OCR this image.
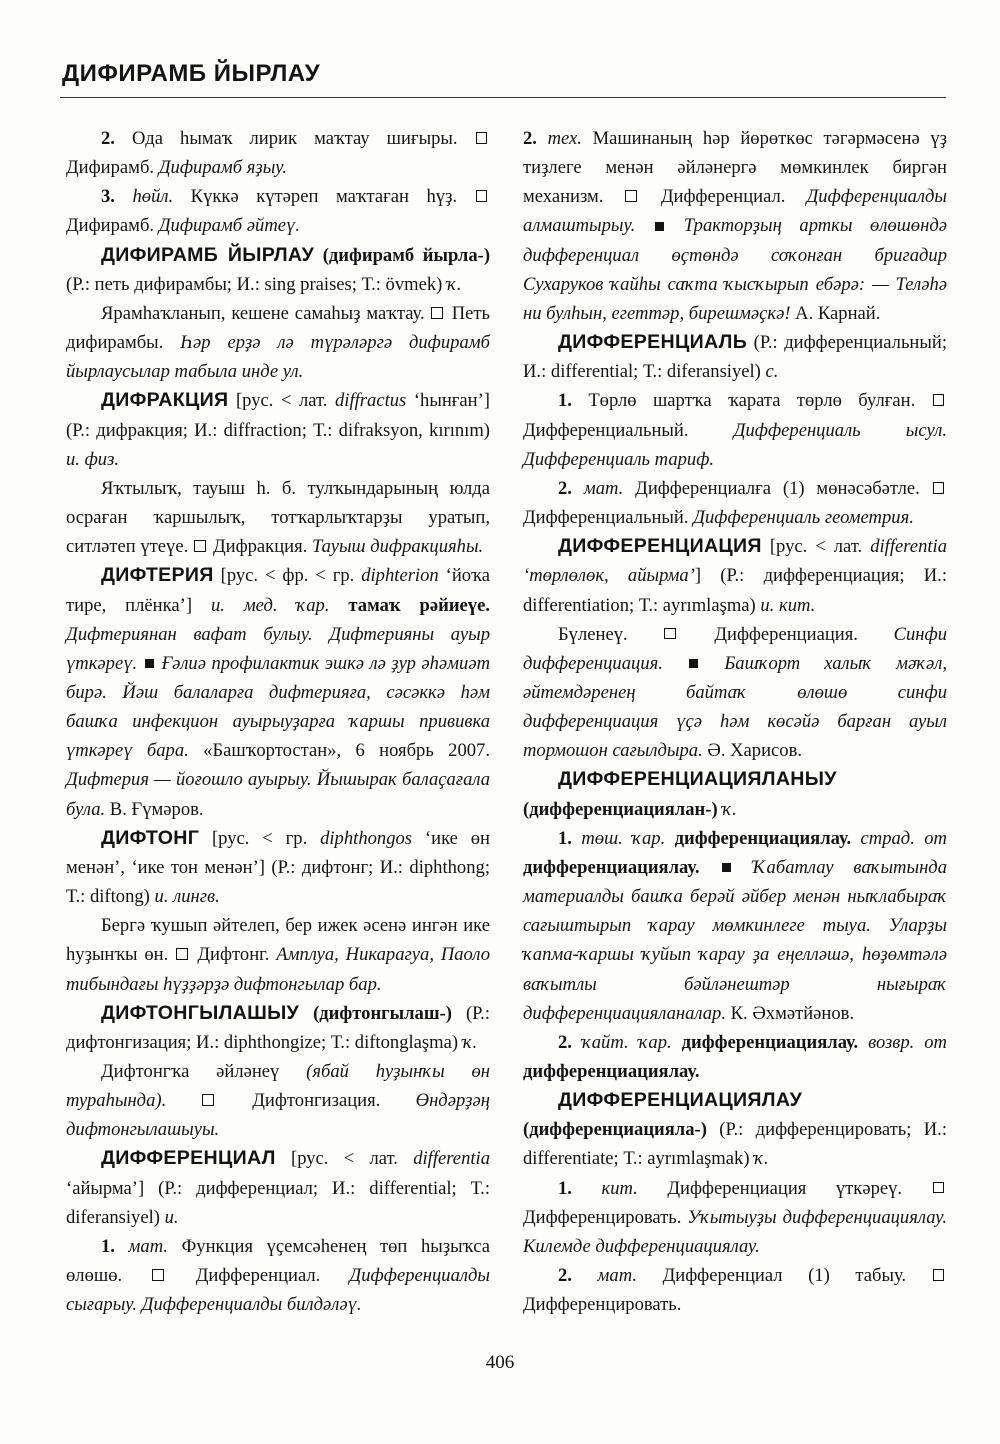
ДИФИРАМБ ЙЫРЛАУ

2. Ода һымаҡ лирик маҡтау шиғыры.  Дифирамб. Дифирамб яҙыу.

3. һөйл. Күккә күтәреп маҡтаған һүҙ.  Дифирамб. Дифирамб әйтеү.

ДИФИРАМБ ЙЫРЛАУ (дифирамб йырла-) (Р.: петь дифирамбы; И.: sing praises; Т.: övmek) ҡ.

Ярамһаҡланып, кешене самаһыҙ маҡтау. Петь дифирамбы. Һәр ерҙә лә түрәләргә дифирамб йырлаусылар табыла инде ул.

ДИФРАКЦИЯ [рус. < лат. diffractus ‘һынған’] (Р.: дифракция; И.: diffraction; Т.: difraksyon, kırınım) и. физ.

Яҡтылыҡ, тауыш һ. б. тулҡындарының юлда осраған ҡаршылыҡ, тотҡарлыҡтарҙы уратып, ситләтеп үтеүе. Дифракция. Тауыш дифракцияһы.

ДИФТЕРИЯ [рус. < фр. < гр. diphterion ‘йоҡа тире, плёнка’] и. мед. ҡар. тамаҡ рәйиеүе. Дифтериянан вафат булыу. Дифтерияны ауыр үткәреү. Ғәлиә профилактик эшкә лә ҙур әһәмиәт бирә. Йәш балаларға дифтерияға, сәсәккә һәм башҡа инфекцион ауырыуҙарға ҡаршы прививка үткәреү бара. «Башҡортостан», 6 ноябрь 2007. Дифтерия — йоғошло ауырыу. Йышырак балаҫағала була. В. Ғүмәров.

ДИФТОНГ [рус. < гр. diphthongos ‘ике өн менән’, ‘ике тон менән’] (Р.: дифтонг; И.: diphthong; Т.: diftong) и. лингв.

Бергә ҡушып әйтелеп, бер ижек әсенә ингән ике һуҙынҡы өн. Дифтонг. Амплуа, Никарагуа, Паоло тибындағы һүҙҙәрҙә дифтонгылар бар.

ДИФТОНГЫЛАШЫУ (дифтонгылаш-) (Р.: дифтонгизация; И.: diphthongize; Т.: diftonglaşma) ҡ.

Дифтонгҡа әйләнеү (ябай һуҙынҡы өн тураһында).	Дифтонгизация. Өндәрҙәң дифтонгылашыуы.

ДИФФЕРЕНЦИАЛ [рус. < лат. differentia ‘айырма’] (Р.: дифференциал; И.: differential; Т.: diferansiyel) и.

1. мат. Функция үҫемсәһенең төп һыҙыҡса өлөшө.	Дифференциал. Дифференциалды сығарыу. Дифференциалды билдәләү.

2. тех. Машинаның һәр йөрөткөс тәгәрмәсенә үҙ тиҙлеге менән әйләнергә мөмкинлек биргән механизм.	Дифференциал. Дифференциалды алмаштырыу.	Тракторҙың арткы өлөшөндә дифференциал өҫтөндә соҡонған бригадир Сухаруков ҡайһы саҡта ҡысҡырып ебәрә: — Теләһә ни булһын, егеттәр, бирешмәҫкә! А. Карнай.

ДИФФЕРЕНЦИАЛЬ (Р.: дифференциальный; И.: differential; Т.: diferansiyel) с.

1. Төрлө шартҡа ҡарата төрлө булған.  Дифференциальный. Дифференциаль ысул. Дифференциаль тариф.

2. мат. Дифференциалға (1) мөнәсәбәтле.  Дифференциальный. Дифференциаль геометрия.

ДИФФЕРЕНЦИАЦИЯ [рус. < лат. differentia ‘төрлөлөк, айырма’] (Р.: дифференциация; И.: differentiation; Т.: ayrımlaşma) и. кит.

Бүленеү.	Дифференциация. Синфи дифференциация.	Башҡорт халыҡ мәҡәл, әйтемдәренең байтаҡ өлөшө синфи дифференциация үҫә һәм көсәйә барған ауыл тормошон сағылдыра. Ә. Харисов.

ДИФФЕРЕНЦИАЦИЯЛАНЫУ (дифференциациялан-) ҡ.

1. төш. ҡар. дифференциациялау. страд. от дифференциациялау.	Ҡабатлау ваҡытында материалды башҡа берәй әйбер менән ныҡлабыраҡ сағыштырып ҡарау мөмкинлеге тыуа. Уларҙы ҡапма-ҡаршы ҡуйып ҡарау ҙа еңелләшә, һөҙөмтәлә ваҡытлы бәйләнештәр нығыраҡ дифференциацияланалар. К. Әхмәтйәнов.

2. ҡайт. ҡар. дифференциациялау. возвр. от дифференциациялау.

ДИФФЕРЕНЦИАЦИЯЛАУ (дифференциацияла-) (Р.: дифференцировать; И.: differentiate; Т.: ayrımlaşmak) ҡ.

1. кит. Дифференциация үткәреү.  Дифференцировать. Уҡытыуҙы дифференциациялау. Килемде дифференциациялау.

2. мат. Дифференциал (1) табыу.  Дифференцировать.

406
